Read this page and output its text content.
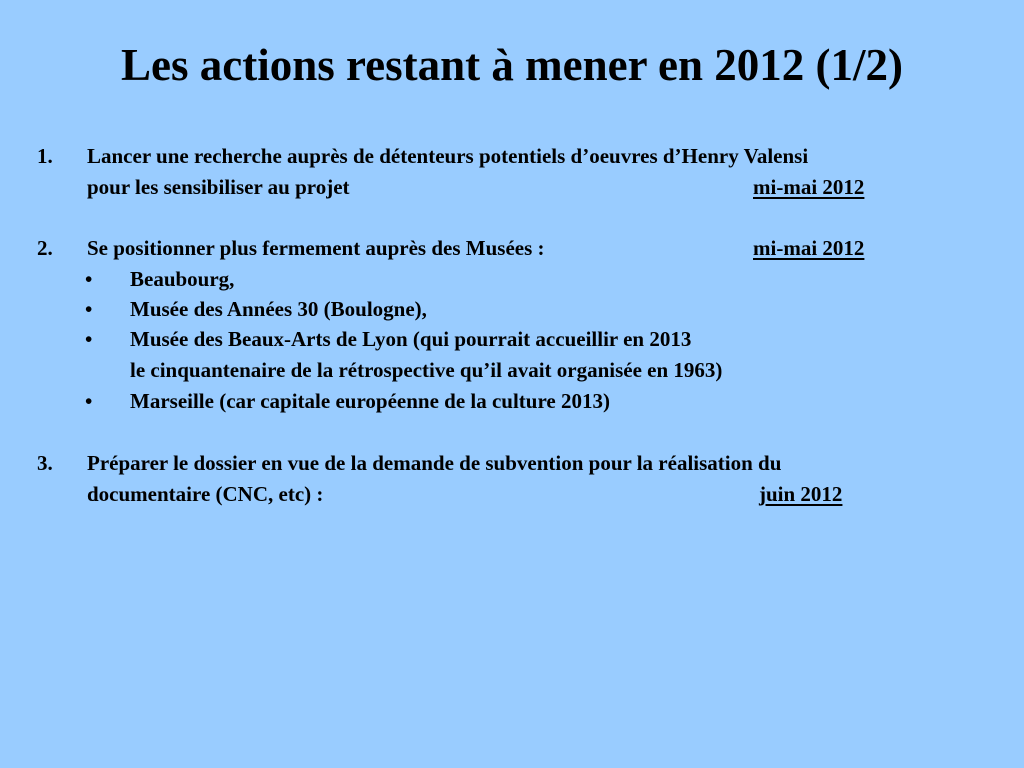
Les actions restant à mener en 2012 (1/2)
1. Lancer une recherche auprès de détenteurs potentiels d’oeuvres d’Henry Valensi
pour les sensibiliser au projet	mi-mai 2012
2. Se positionner plus fermement auprès des Musées :	mi-mai 2012
• Beaubourg,
• Musée des Années 30 (Boulogne),
• Musée des Beaux-Arts de Lyon (qui pourrait accueillir en 2013
le cinquantenaire de la rétrospective qu’il avait organisée en 1963)
• Marseille (car capitale européenne de la culture 2013)
3. Préparer le dossier en vue de la demande de subvention pour la réalisation du
documentaire (CNC, etc) :	juin 2012
